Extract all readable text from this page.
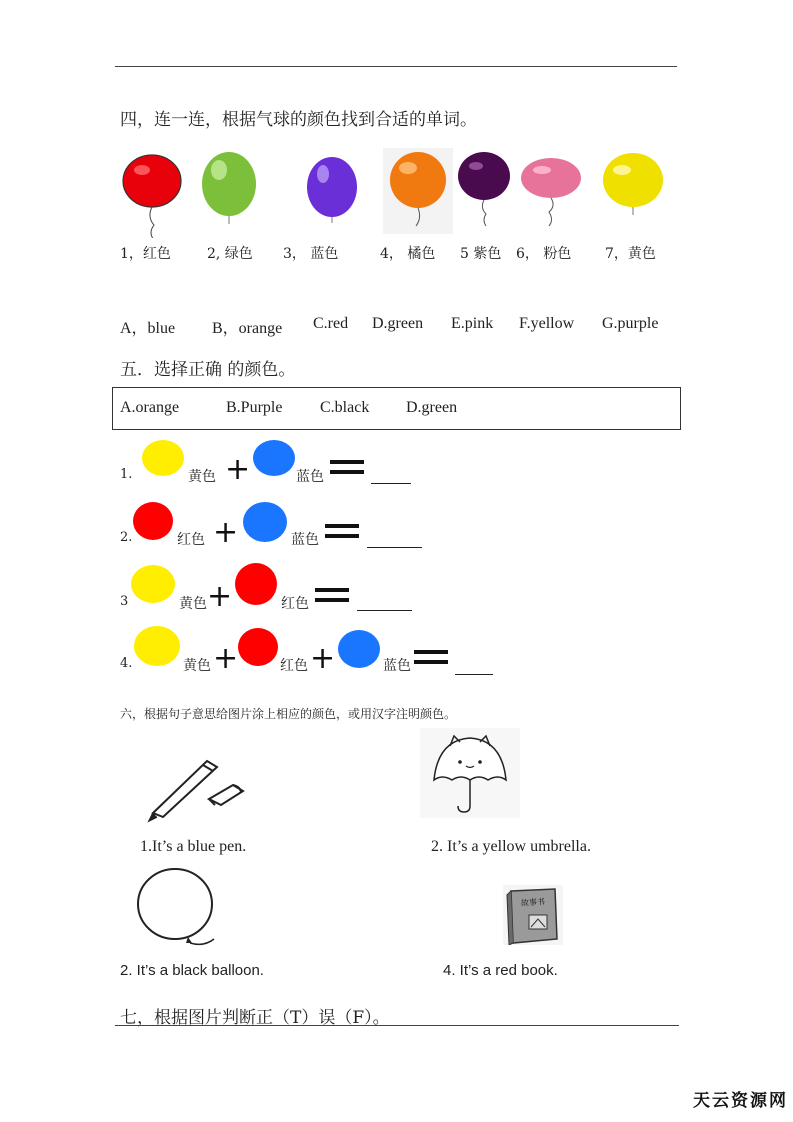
四，连一连，根据气球的颜色找到合适的单词。
1，红色	2, 绿色 3， 蓝色	4， 橘色 5 紫色 6， 粉色 7，黄色
A，blue B，orange C.red D.green E.pink F.yellow G.purple
五．选择正确 的颜色。
A.orange	B.Purple C.black D.green
1.	黄色 +	蓝色
2.	红色 +	蓝色
3	黄色 +	红色
4.	黄色 +	红色 +	蓝色
六，根据句子意思给图片涂上相应的颜色，或用汉字注明颜色。
1.It’s a blue pen.	2. It’s a yellow umbrella.
故事书
2. It’s a black balloon.	4. It’s a red book.
七，根据图片判断正（T）误（F）。
天云资源网
